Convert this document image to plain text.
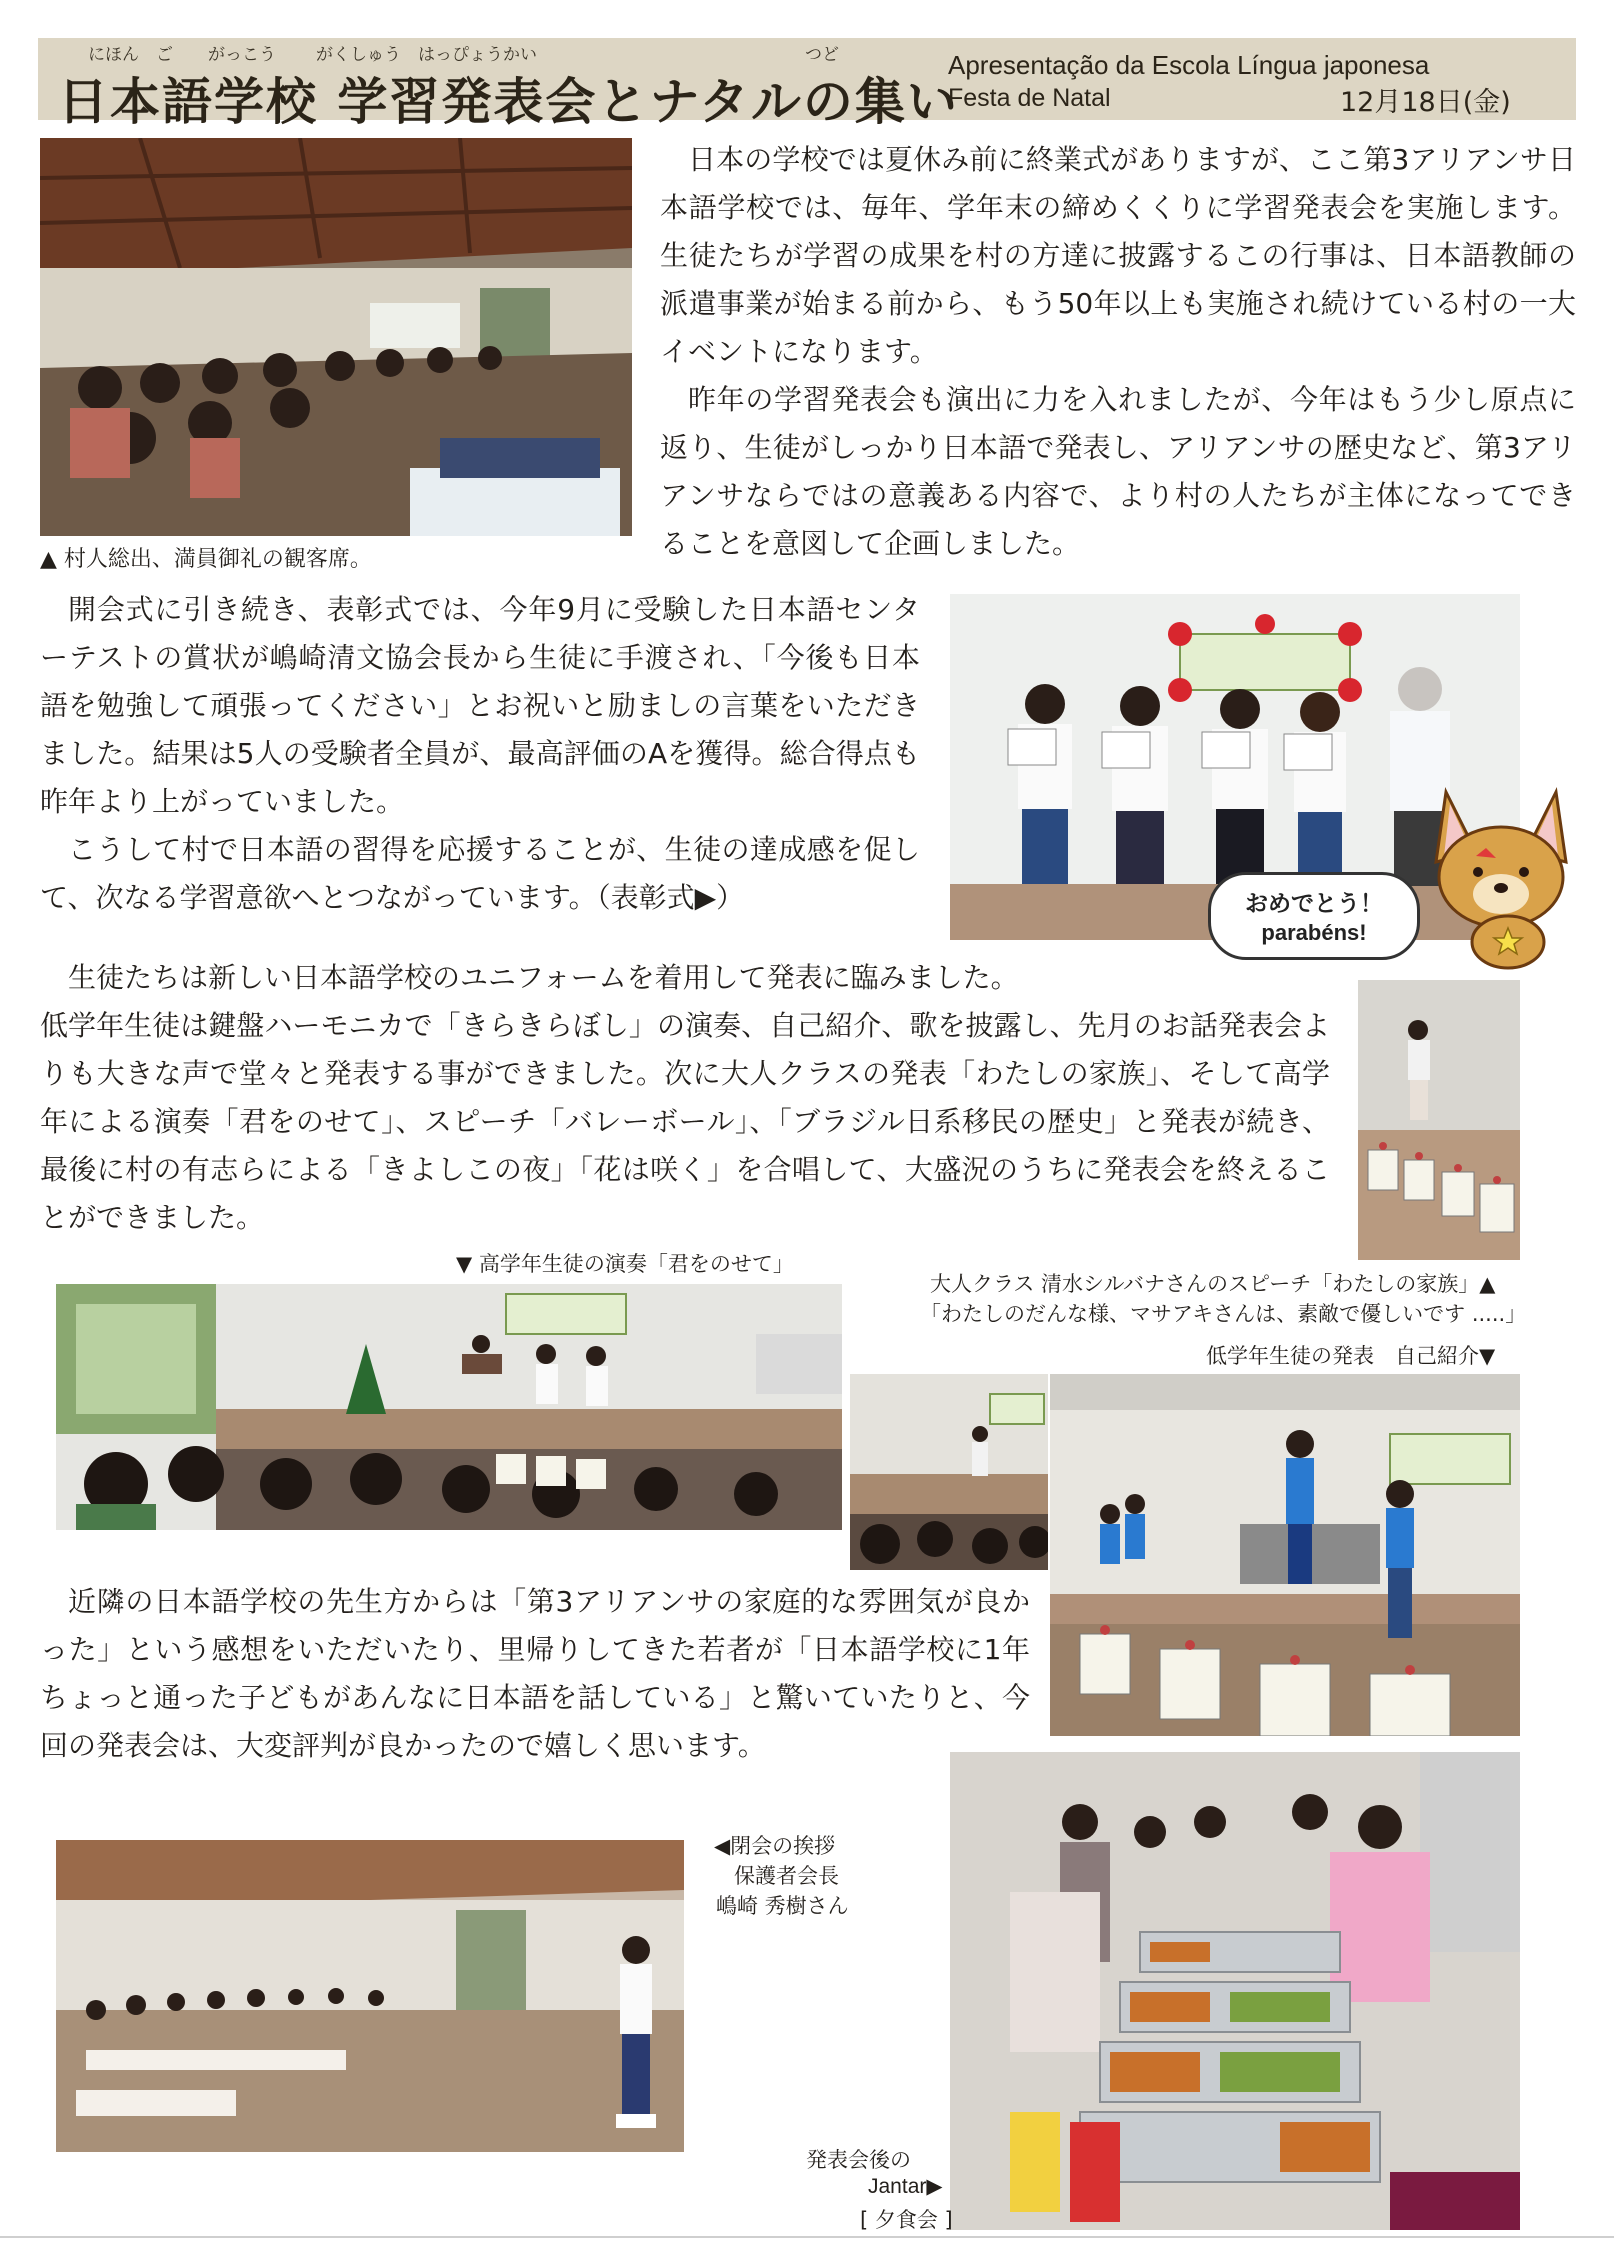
にほん ご がっこう がくしゅう はっぴょうかい	つど
日本語学校 学習発表会とナタルの集い
Apresentação da Escola Língua japonesa
Festa de Natal	12月18日(金)
▲ 村人総出、満員御礼の観客席。

日本の学校では夏休み前に終業式がありますが、ここ第3アリアンサ日本語学校では、毎年、学年末の締めくくりに学習発表会を実施します。生徒たちが学習の成果を村の方達に披露するこの行事は、日本語教師の派遣事業が始まる前から、もう50年以上も実施され続けている村の一大イベントになります。

昨年の学習発表会も演出に力を入れましたが、今年はもう少し原点に返り、生徒がしっかり日本語で発表し、アリアンサの歴史など、第3アリアンサならではの意義ある内容で、より村の人たちが主体になってできることを意図して企画しました。

開会式に引き続き、表彰式では、今年9月に受験した日本語センターテストの賞状が嶋崎清文協会長から生徒に手渡され、「今後も日本語を勉強して頑張ってください」とお祝いと励ましの言葉をいただきました。結果は5人の受験者全員が、最高評価のAを獲得。総合得点も昨年より上がっていました。

こうして村で日本語の習得を応援することが、生徒の達成感を促して、次なる学習意欲へとつながっています。（表彰式▶）	おめでとう！
parabéns!

生徒たちは新しい日本語学校のユニフォームを着用して発表に臨みました。

低学年生徒は鍵盤ハーモニカで「きらきらぼし」の演奏、自己紹介、歌を披露し、先月のお話発表会よりも大きな声で堂々と発表する事ができました。次に大人クラスの発表「わたしの家族」、そして高学年による演奏「君をのせて」、スピーチ「バレーボール」、「ブラジル日系移民の歴史」と発表が続き、最後に村の有志らによる「きよしこの夜」「花は咲く」を合唱して、大盛況のうちに発表会を終えることができました。

▼ 高学年生徒の演奏「君をのせて」
大人クラス 清水シルバナさんのスピーチ「わたしの家族」▲
「わたしのだんな様、マサアキさんは、素敵で優しいです .....」
低学年生徒の発表　自己紹介▼

近隣の日本語学校の先生方からは「第3アリアンサの家庭的な雰囲気が良かった」という感想をいただいたり、里帰りしてきた若者が「日本語学校に1年ちょっと通った子どもがあんなに日本語を話している」と驚いていたりと、今回の発表会は、大変評判が良かったので嬉しく思います。

◀閉会の挨拶
保護者会長
嶋崎 秀樹さん
発表会後の
Jantar▶
[ 夕食会 ]
